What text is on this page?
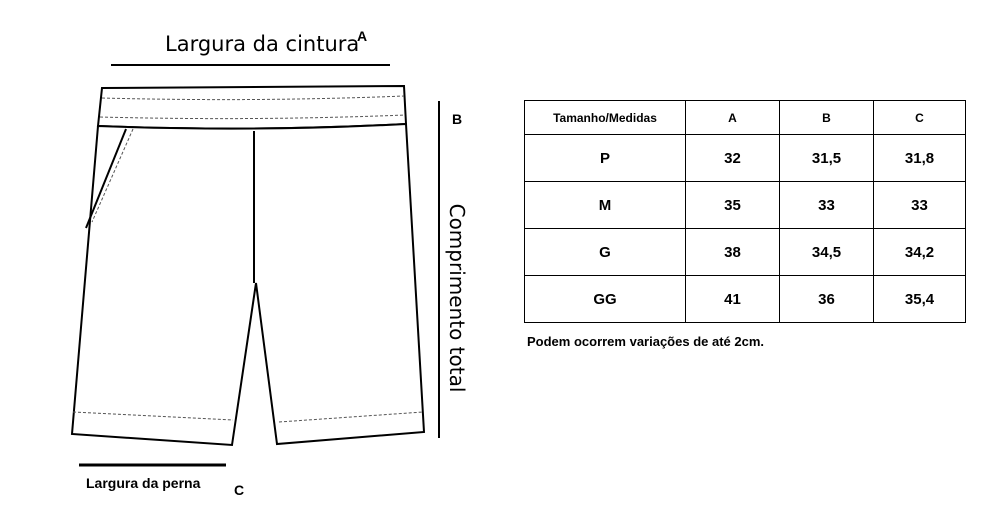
Largura da cintura
A
B
Comprimento total
Largura da perna C
Tamanho/Medidas	A	B	C
P	32	31,5	31,8
M	35	33	33
G	38	34,5	34,2
GG	41	36	35,4
Podem ocorrem variações de até 2cm.
